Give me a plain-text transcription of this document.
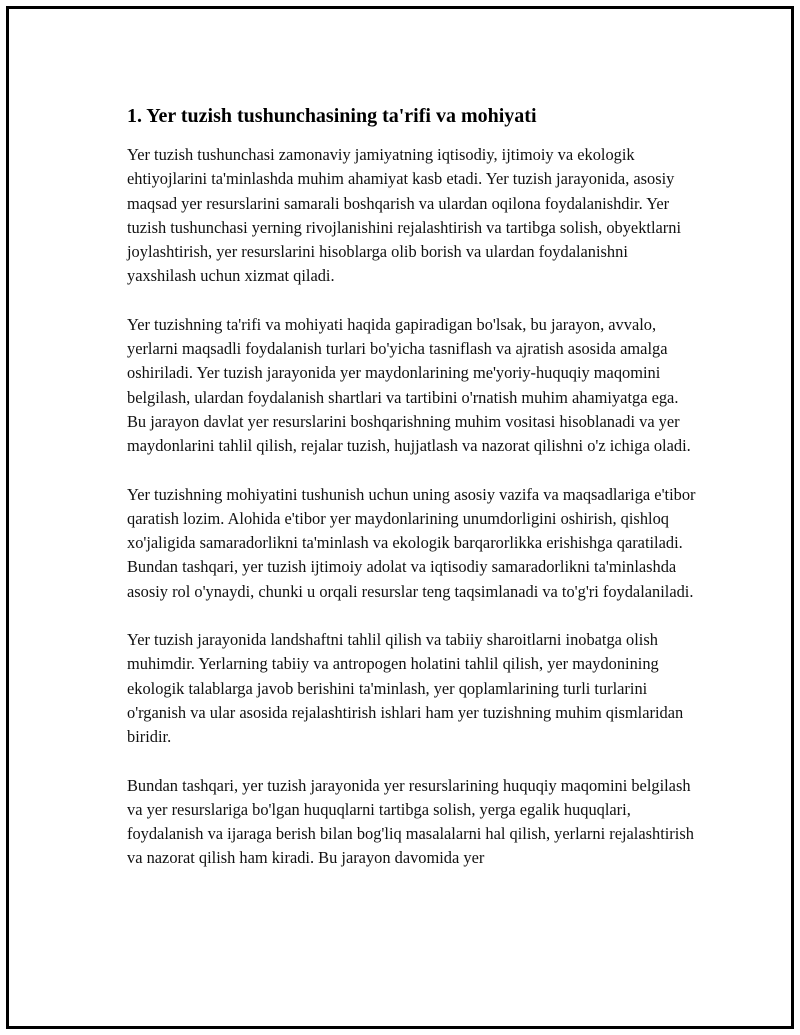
1. Yer tuzish tushunchasining ta'rifi va mohiyati

Yer tuzish tushunchasi zamonaviy jamiyatning iqtisodiy, ijtimoiy va ekologik ehtiyojlarini ta'minlashda muhim ahamiyat kasb etadi. Yer tuzish jarayonida, asosiy maqsad yer resurslarini samarali boshqarish va ulardan oqilona foydalanishdir. Yer tuzish tushunchasi yerning rivojlanishini rejalashtirish va tartibga solish, obyektlarni joylashtirish, yer resurslarini hisoblarga olib borish va ulardan foydalanishni yaxshilash uchun xizmat qiladi.

Yer tuzishning ta'rifi va mohiyati haqida gapiradigan bo'lsak, bu jarayon, avvalo, yerlarni maqsadli foydalanish turlari bo'yicha tasniflash va ajratish asosida amalga oshiriladi. Yer tuzish jarayonida yer maydonlarining me'yoriy-huquqiy maqomini belgilash, ulardan foydalanish shartlari va tartibini o'rnatish muhim ahamiyatga ega. Bu jarayon davlat yer resurslarini boshqarishning muhim vositasi hisoblanadi va yer maydonlarini tahlil qilish, rejalar tuzish, hujjatlash va nazorat qilishni o'z ichiga oladi.

Yer tuzishning mohiyatini tushunish uchun uning asosiy vazifa va maqsadlariga e'tibor qaratish lozim. Alohida e'tibor yer maydonlarining unumdorligini oshirish, qishloq xo'jaligida samaradorlikni ta'minlash va ekologik barqarorlikka erishishga qaratiladi. Bundan tashqari, yer tuzish ijtimoiy adolat va iqtisodiy samaradorlikni ta'minlashda asosiy rol o'ynaydi, chunki u orqali resurslar teng taqsimlanadi va to'g'ri foydalaniladi.

Yer tuzish jarayonida landshaftni tahlil qilish va tabiiy sharoitlarni inobatga olish muhimdir. Yerlarning tabiiy va antropogen holatini tahlil qilish, yer maydonining ekologik talablarga javob berishini ta'minlash, yer qoplamlarining turli turlarini o'rganish va ular asosida rejalashtirish ishlari ham yer tuzishning muhim qismlaridan biridir.

Bundan tashqari, yer tuzish jarayonida yer resurslarining huquqiy maqomini belgilash va yer resurslariga bo'lgan huquqlarni tartibga solish, yerga egalik huquqlari, foydalanish va ijaraga berish bilan bog'liq masalalarni hal qilish, yerlarni rejalashtirish va nazorat qilish ham kiradi. Bu jarayon davomida yer
